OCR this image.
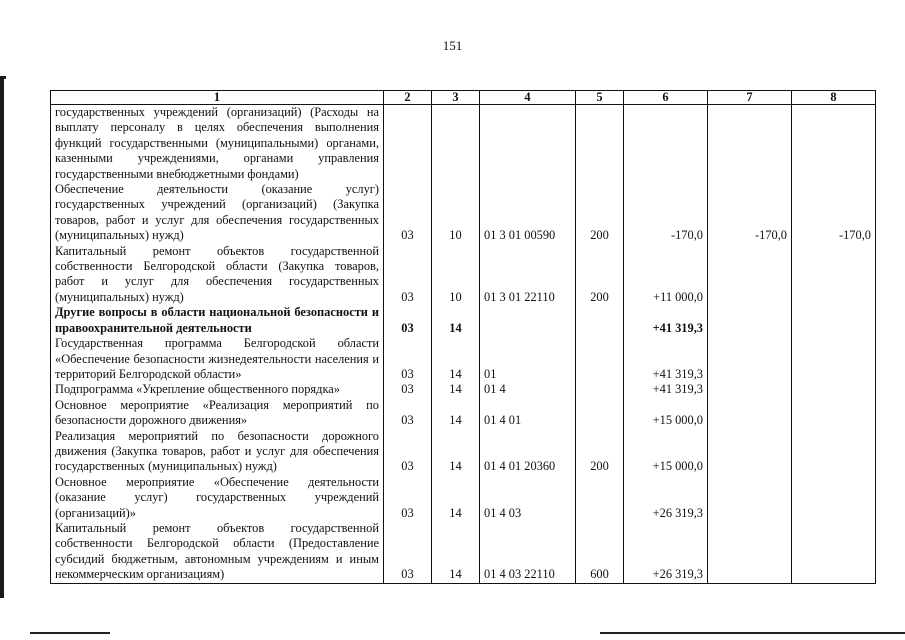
151
1	2	3	4	5	6	7	8
государственных учреждений (организаций) (Расходы на выплату персоналу в целях обеспечения выполнения функций государственными (муниципальными) органами, казенными учреждениями, органами управления государственными внебюджетными фондами)							
Обеспечение деятельности (оказание услуг) государственных учреждений (организаций) (Закупка товаров, работ и услуг для обеспечения государственных (муниципальных) нужд)	03	10	01 3 01 00590	200	-170,0	-170,0	-170,0
Капитальный ремонт объектов государственной собственности Белгородской области (Закупка товаров, работ и услуг для обеспечения государственных (муниципальных) нужд)	03	10	01 3 01 22110	200	+11 000,0		
Другие вопросы в области национальной безопасности и правоохранительной деятельности	03	14			+41 319,3		
Государственная программа Белгородской области «Обеспечение безопасности жизнедеятельности населения и территорий Белгородской области»	03	14	01		+41 319,3		
Подпрограмма «Укрепление общественного порядка»	03	14	01 4		+41 319,3		
Основное мероприятие «Реализация мероприятий по безопасности дорожного движения»	03	14	01 4 01		+15 000,0		
Реализация мероприятий по безопасности дорожного движения (Закупка товаров, работ и услуг для обеспечения государственных (муниципальных) нужд)	03	14	01 4 01 20360	200	+15 000,0		
Основное мероприятие «Обеспечение деятельности (оказание услуг) государственных учреждений (организаций)»	03	14	01 4 03		+26 319,3		
Капитальный ремонт объектов государственной собственности Белгородской области (Предоставление субсидий бюджетным, автономным учреждениям и иным некоммерческим организациям)	03	14	01 4 03 22110	600	+26 319,3		
